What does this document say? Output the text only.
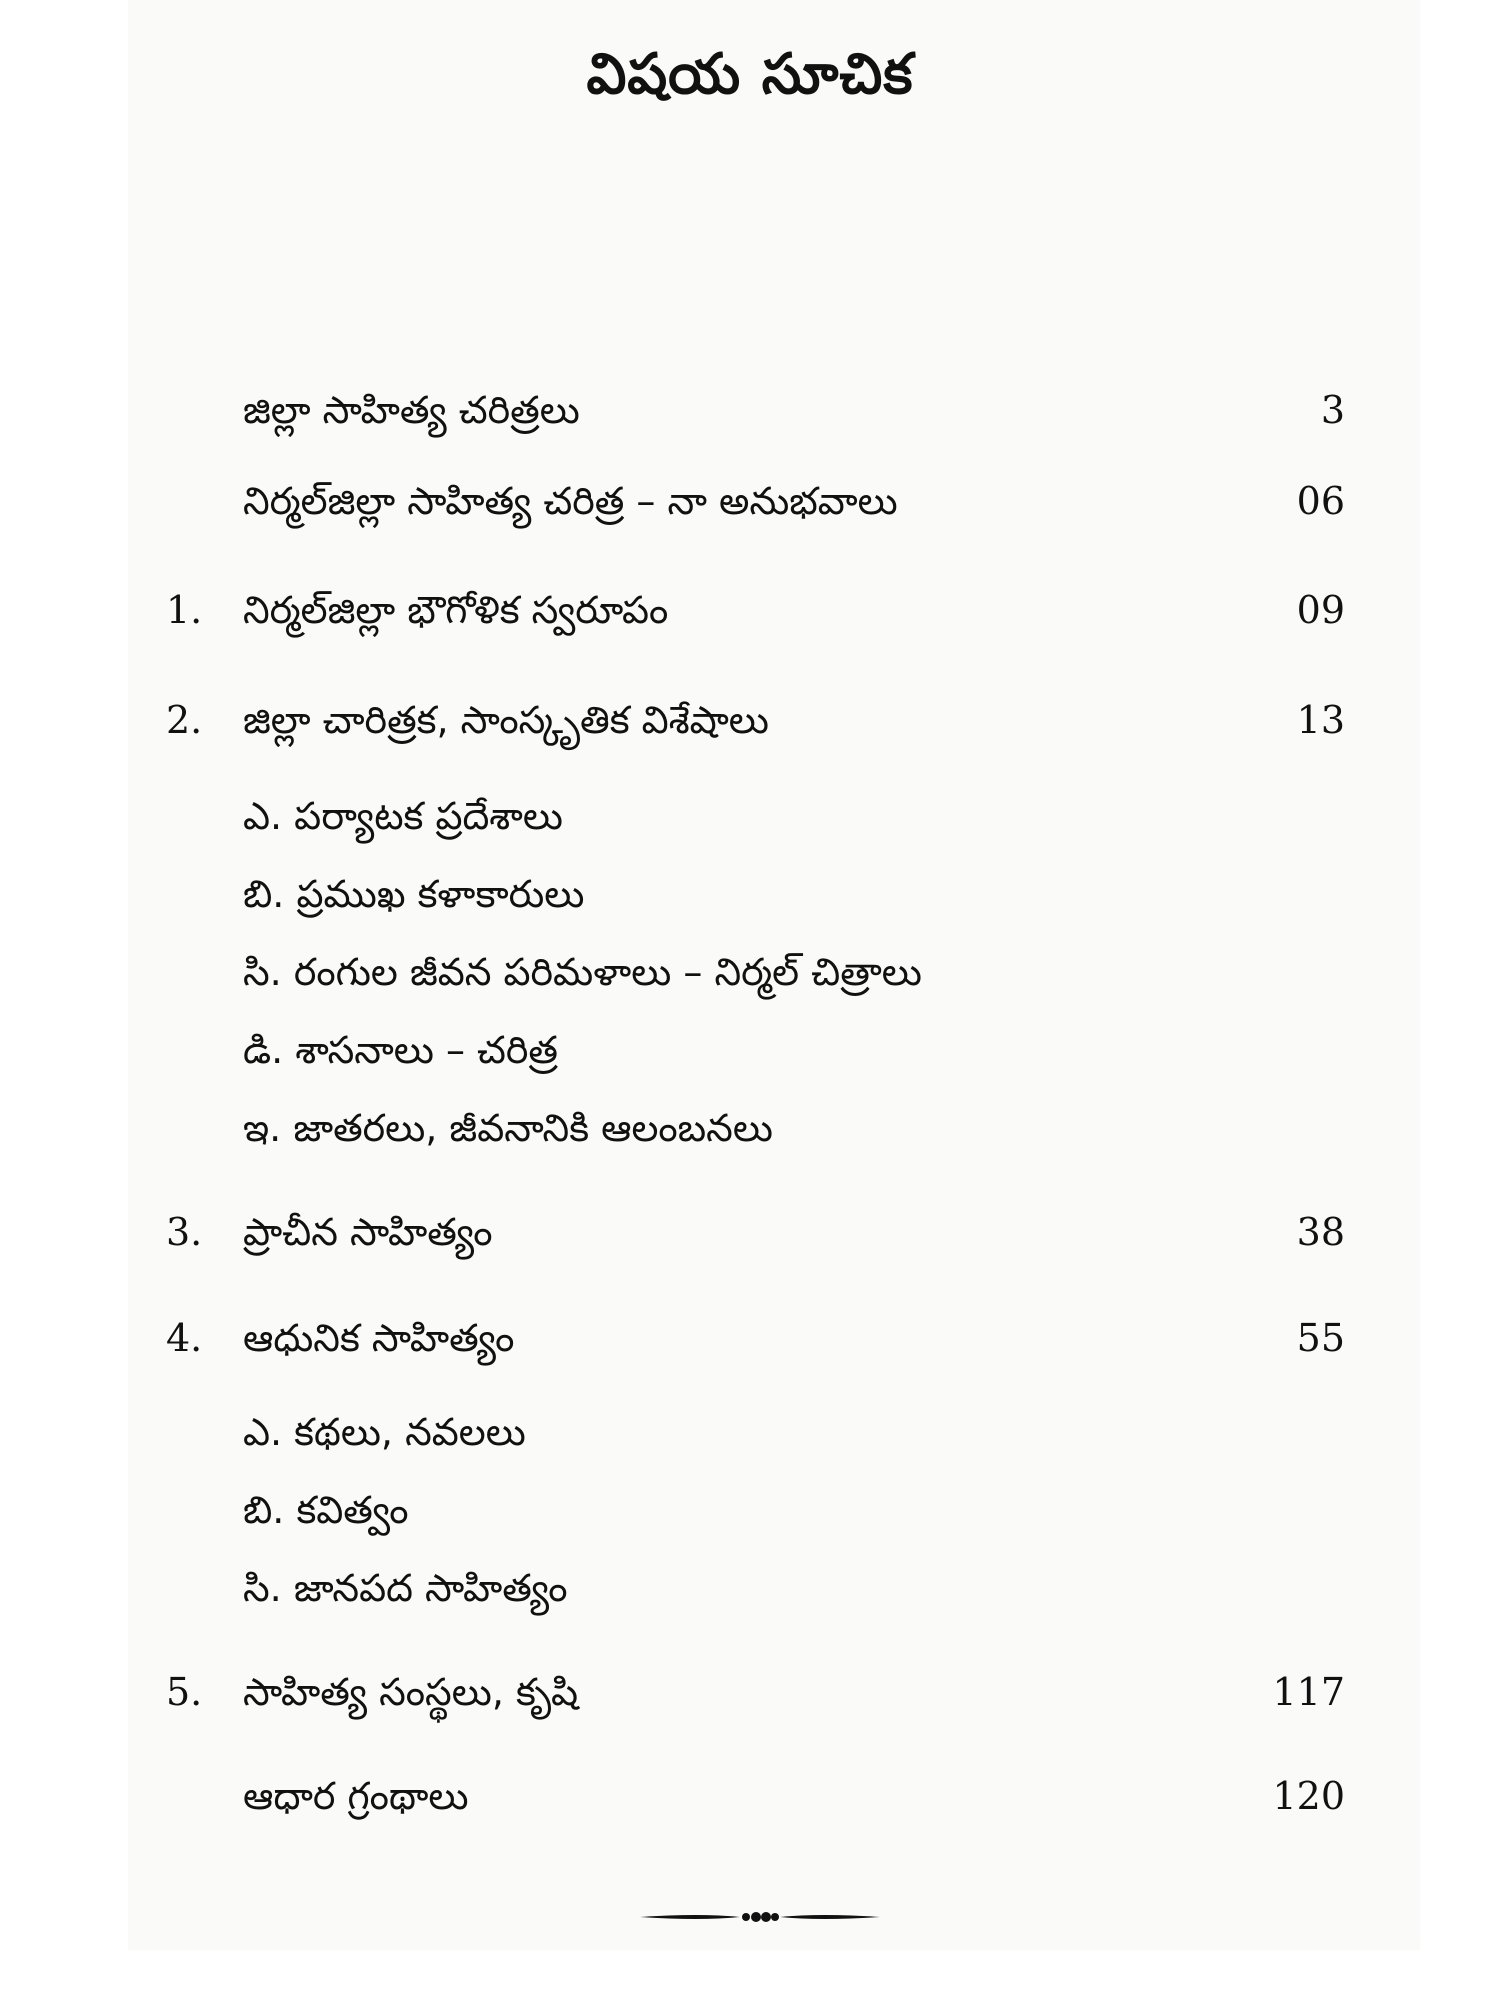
విషయ సూచిక
జిల్లా సాహిత్య చరిత్రలు	3
నిర్మల్‌జిల్లా సాహిత్య చరిత్ర – నా అనుభవాలు	06
1. నిర్మల్‌జిల్లా భౌగోళిక స్వరూపం	09
2. జిల్లా చారిత్రక, సాంస్కృతిక విశేషాలు	13
ఎ. పర్యాటక ప్రదేశాలు
బి. ప్రముఖ కళాకారులు
సి. రంగుల జీవన పరిమళాలు – నిర్మల్ చిత్రాలు
డి. శాసనాలు – చరిత్ర
ఇ. జాతరలు, జీవనానికి ఆలంబనలు
3. ప్రాచీన సాహిత్యం	38
4. ఆధునిక సాహిత్యం	55
ఎ. కథలు, నవలలు
బి. కవిత్వం
సి. జానపద సాహిత్యం
5. సాహిత్య సంస్థలు, కృషి	117
ఆధార గ్రంథాలు	120
